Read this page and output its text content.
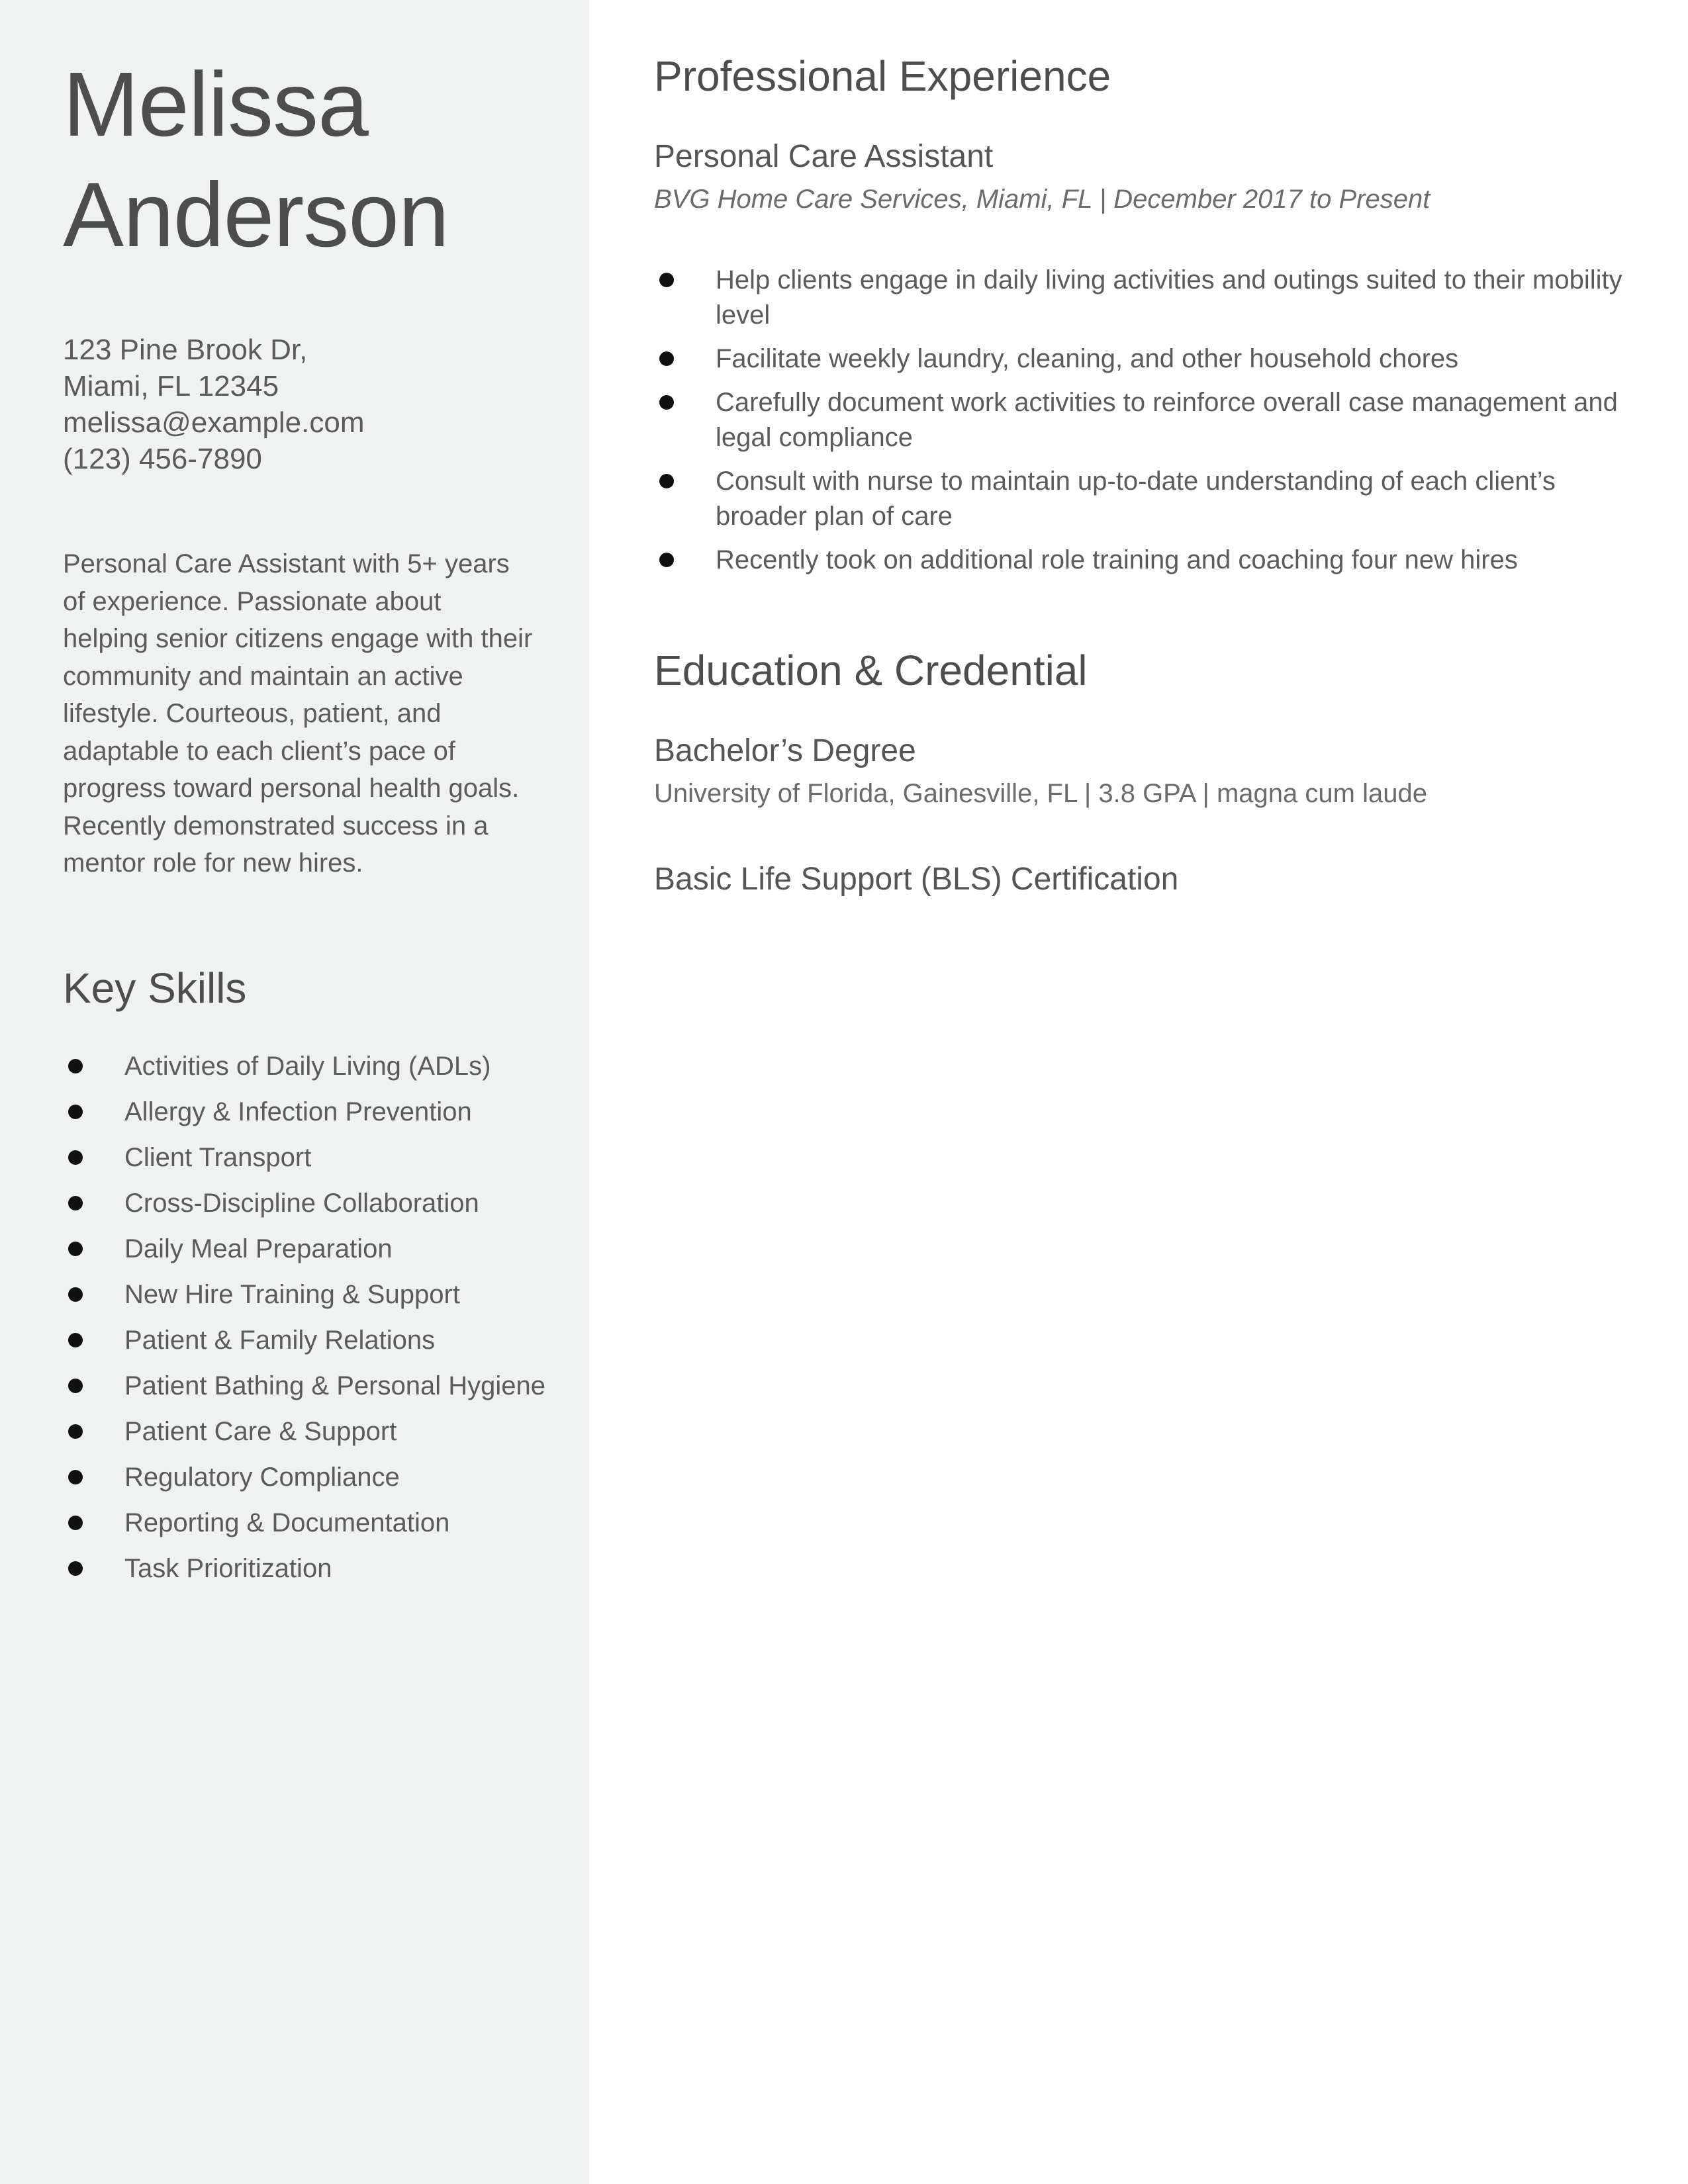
Melissa
Anderson
123 Pine Brook Dr,
Miami, FL 12345
melissa@example.com
(123) 456-7890
Personal Care Assistant with 5+ years of experience. Passionate about helping senior citizens engage with their community and maintain an active lifestyle. Courteous, patient, and adaptable to each client’s pace of progress toward personal health goals. Recently demonstrated success in a mentor role for new hires.
Key Skills
Activities of Daily Living (ADLs)
Allergy & Infection Prevention
Client Transport
Cross-Discipline Collaboration
Daily Meal Preparation
New Hire Training & Support
Patient & Family Relations
Patient Bathing & Personal Hygiene
Patient Care & Support
Regulatory Compliance
Reporting & Documentation
Task Prioritization
Professional Experience
Personal Care Assistant
BVG Home Care Services, Miami, FL | December 2017 to Present
Help clients engage in daily living activities and outings suited to their mobility level
Facilitate weekly laundry, cleaning, and other household chores
Carefully document work activities to reinforce overall case management and legal compliance
Consult with nurse to maintain up-to-date understanding of each client’s broader plan of care
Recently took on additional role training and coaching four new hires
Education & Credential
Bachelor’s Degree
University of Florida, Gainesville, FL | 3.8 GPA | magna cum laude
Basic Life Support (BLS) Certification
